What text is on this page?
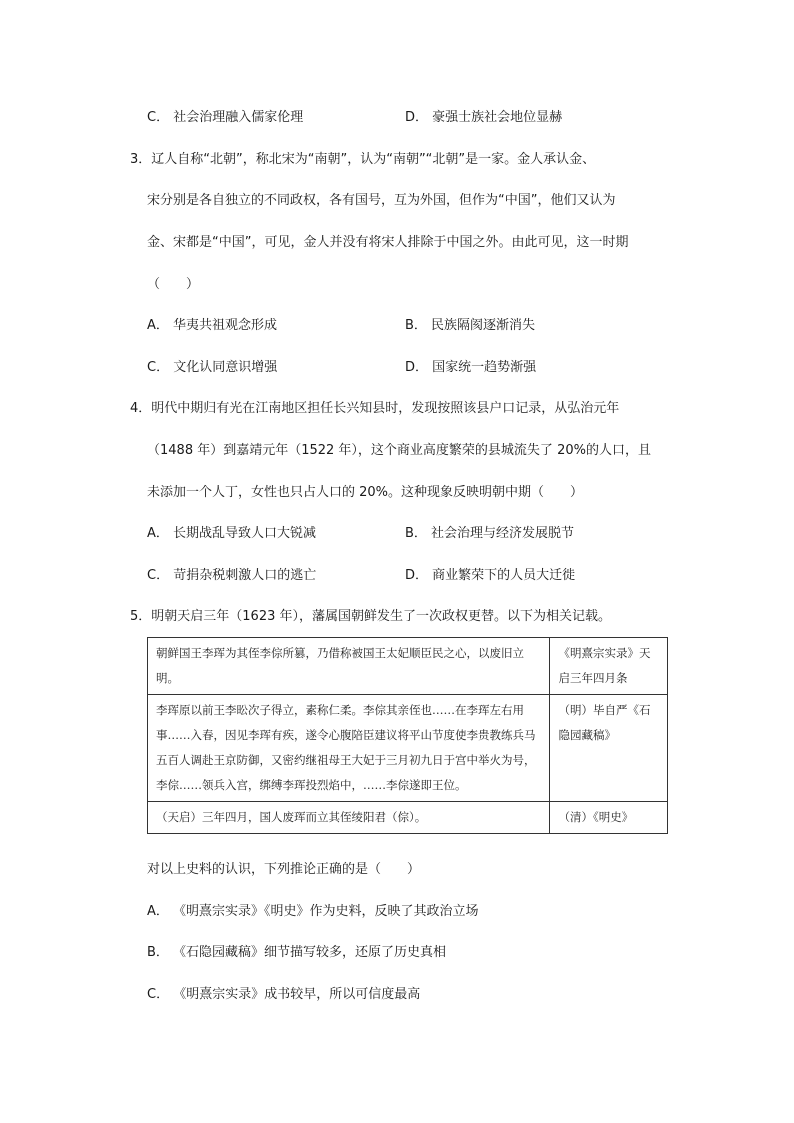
C． 社会治理融入儒家伦理	D． 豪强士族社会地位显赫
3．辽人自称“北朝”，称北宋为“南朝”，认为“南朝”“北朝”是一家。金人承认金、
宋分别是各自独立的不同政权，各有国号，互为外国，但作为“中国”，他们又认为
金、宋都是“中国”，可见，金人并没有将宋人排除于中国之外。由此可见，这一时期
（　　）
A． 华夷共祖观念形成	B． 民族隔阂逐渐消失
C． 文化认同意识增强	D． 国家统一趋势渐强
4．明代中期归有光在江南地区担任长兴知县时，发现按照该县户口记录，从弘治元年
（1488 年）到嘉靖元年（1522 年），这个商业高度繁荣的县城流失了 20%的人口，且
未添加一个人丁，女性也只占人口的 20%。这种现象反映明朝中期（　　）
A． 长期战乱导致人口大锐减	B． 社会治理与经济发展脱节
C． 苛捐杂税刺激人口的逃亡	D． 商业繁荣下的人员大迁徙
5．明朝天启三年（1623 年），藩属国朝鲜发生了一次政权更替。以下为相关记载。
朝鲜国王李珲为其侄李倧所篡，乃借称被国王太妃顺臣民之心，以废旧立明。	《明熹宗实录》天启三年四月条
李珲原以前王李昖次子得立，素称仁柔。李倧其亲侄也……在李珲左右用事……入春，因见李珲有疾，遂令心腹陪臣建议将平山节度使李贵教练兵马五百人调赴王京防御，又密约继祖母王大妃于三月初九日于宫中举火为号，李倧……领兵入宫，绑缚李珲投烈焰中，……李倧遂即王位。	（明）毕自严《石隐园藏稿》
（天启）三年四月，国人废珲而立其侄绫阳君（倧）。	（清）《明史》
对以上史料的认识，下列推论正确的是（　　）
A． 《明熹宗实录》《明史》作为史料，反映了其政治立场
B． 《石隐园藏稿》细节描写较多，还原了历史真相
C． 《明熹宗实录》成书较早，所以可信度最高
